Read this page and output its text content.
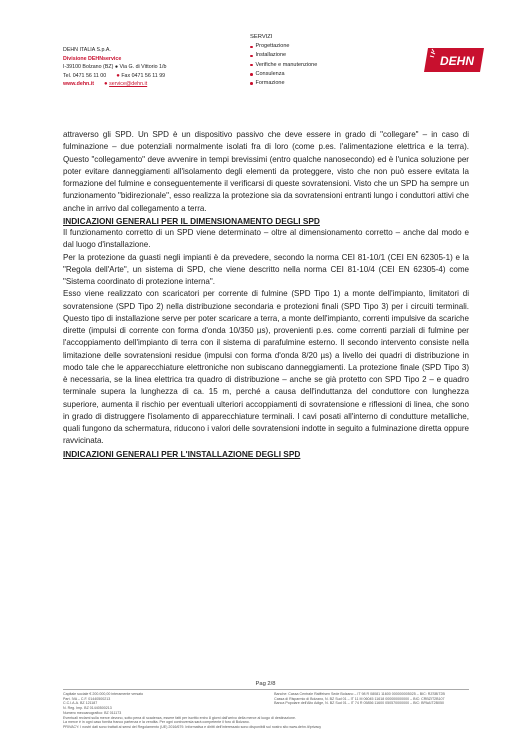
DEHN ITALIA S.p.A.
Divisione DEHNservice
I-39100 Bolzano (BZ) ● Via G. di Vittorio 1/b
Tel. 0471 56 11 00 ● Fax 0471 56 11 99
www.dehn.it ● service@dehn.it
SERVIZI
Progettazione
Installazione
Verifiche e manutenzione
Consulenza
Formazione
DEHN

attraverso gli SPD. Un SPD è un dispositivo passivo che deve essere in grado di "collegare" – in caso di fulminazione – due potenziali normalmente isolati fra di loro (come p.es. l'alimentazione elettrica e la terra). Questo "collegamento" deve avvenire in tempi brevissimi (entro qualche nanosecondo) ed è l'unica soluzione per poter evitare danneggiamenti all'isolamento degli elementi da proteggere, visto che non può essere evitata la formazione del fulmine e conseguentemente il verificarsi di queste sovratensioni. Visto che un SPD ha sempre un funzionamento "bidirezionale", esso realizza la protezione sia da sovratensioni entranti lungo i conduttori attivi che anche in arrivo dal collegamento a terra.

INDICAZIONI GENERALI PER IL DIMENSIONAMENTO DEGLI SPD

Il funzionamento corretto di un SPD viene determinato – oltre al dimensionamento corretto – anche dal modo e dal luogo d'installazione.

Per la protezione da guasti negli impianti è da prevedere, secondo la norma CEI 81-10/1 (CEI EN 62305-1) e la "Regola dell'Arte", un sistema di SPD, che viene descritto nella norma CEI 81-10/4 (CEI EN 62305-4) come "Sistema coordinato di protezione interna".

Esso viene realizzato con scaricatori per corrente di fulmine (SPD Tipo 1) a monte dell'impianto, limitatori di sovratensione (SPD Tipo 2) nella distribuzione secondaria e protezioni finali (SPD Tipo 3) per i circuiti terminali. Questo tipo di installazione serve per poter scaricare a terra, a monte dell'impianto, correnti impulsive da scariche dirette (impulsi di corrente con forma d'onda 10/350 µs), provenienti p.es. come correnti parziali di fulmine per l'accoppiamento dell'impianto di terra con il sistema di parafulmine esterno. Il secondo intervento consiste nella limitazione delle sovratensioni residue (impulsi con forma d'onda 8/20 µs) a livello dei quadri di distribuzione in modo tale che le apparecchiature elettroniche non subiscano danneggiamenti. La protezione finale (SPD Tipo 3) è necessaria, se la linea elettrica tra quadro di distribuzione – anche se già protetto con SPD Tipo 2 – e quadro terminale supera la lunghezza di ca. 15 m, perché a causa dell'induttanza del conduttore con lunghezza superiore, aumenta il rischio per eventuali ulteriori accoppiamenti di sovratensione e riflessioni di linea, che sono in grado di distruggere l'isolamento di apparecchiature terminali. I cavi posati all'interno di condutture metalliche, quali fungono da schermatura, riducono i valori delle sovratensioni indotte in seguito a fulminazione diretta oppure ravvicinata.

INDICAZIONI GENERALI PER L'INSTALLAZIONE DEGLI SPD

Pag 2/8
Capitale sociale € 200.000,00 interamente versato
Part. IVA – C.F. 01440500213
C.C.I.A.A. BZ 121187
N. Reg. Imp. BZ 01440500213
Numero meccanografico: BZ 011173
Banche: Cassa Centrale Raiffeisen Sede Bolzano – IT 98 R 08081 11600 000000005025 – BIC: RZSBIT2B
Cassa di Risparmio di Bolzano, N. BZ Sud 01 – IT 11 M 06045 11618 000000000000 – BIC: CRBZIT2B107
Banca Popolare dell'Alto Adige, N. BZ Sud 01 – IT 74 R 05856 11600 050570000000 – BIC: BPAAIT2B050
Eventuali reclami sulla merce devono, sotto pena di scadenza, essere fatti per iscritto entro 8 giorni dall'arrivo della merce al luogo di destinazione.
La merce è in ogni caso fornita franco partenza e la vendita. Per ogni controversia sarà competente il foro di Bolzano.
PRIVACY: I nostri dati sono trattati ai sensi del Regolamento (UE) 2016/679. Informativa e diritti dell'interessato sono disponibili sul nostro sito www.dehn.it/privacy
